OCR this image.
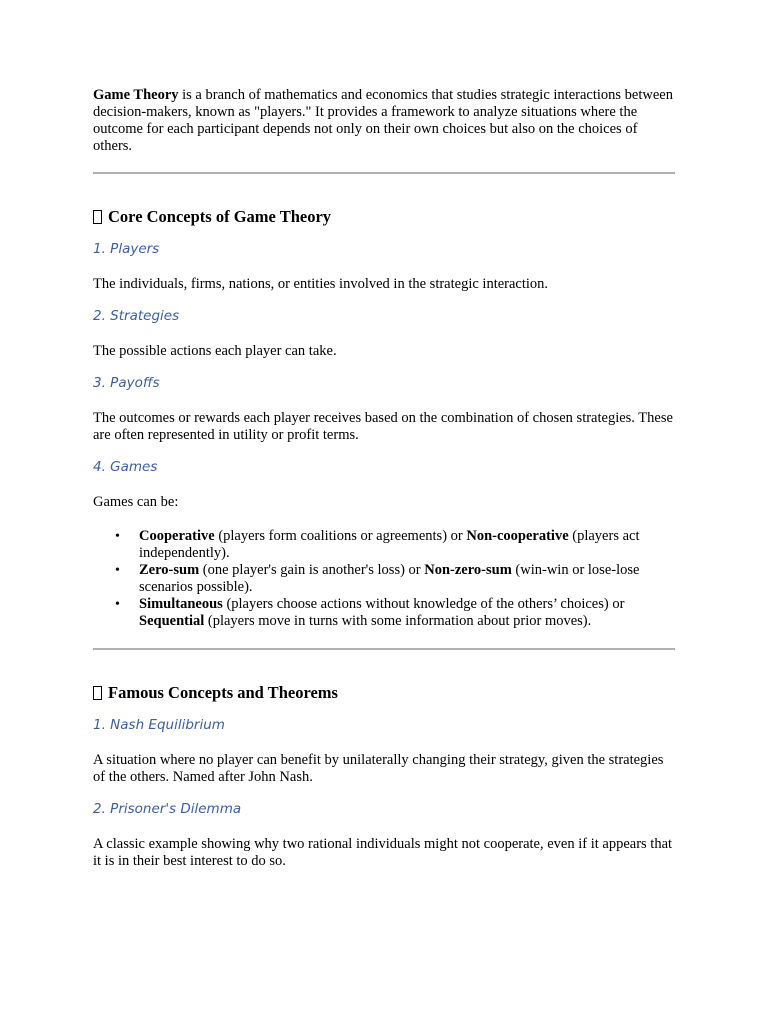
Game Theory is a branch of mathematics and economics that studies strategic interactions between decision-makers, known as "players." It provides a framework to analyze situations where the outcome for each participant depends not only on their own choices but also on the choices of others.

Core Concepts of Game Theory
1. Players

The individuals, firms, nations, or entities involved in the strategic interaction.

2. Strategies

The possible actions each player can take.

3. Payoffs

The outcomes or rewards each player receives based on the combination of chosen strategies. These are often represented in utility or profit terms.

4. Games

Games can be:

• Cooperative (players form coalitions or agreements) or Non-cooperative (players act independently).
• Zero-sum (one player's gain is another's loss) or Non-zero-sum (win-win or lose-lose scenarios possible).
• Simultaneous (players choose actions without knowledge of the others’ choices) or Sequential (players move in turns with some information about prior moves).
Famous Concepts and Theorems
1. Nash Equilibrium

A situation where no player can benefit by unilaterally changing their strategy, given the strategies of the others. Named after John Nash.

2. Prisoner's Dilemma

A classic example showing why two rational individuals might not cooperate, even if it appears that it is in their best interest to do so.
